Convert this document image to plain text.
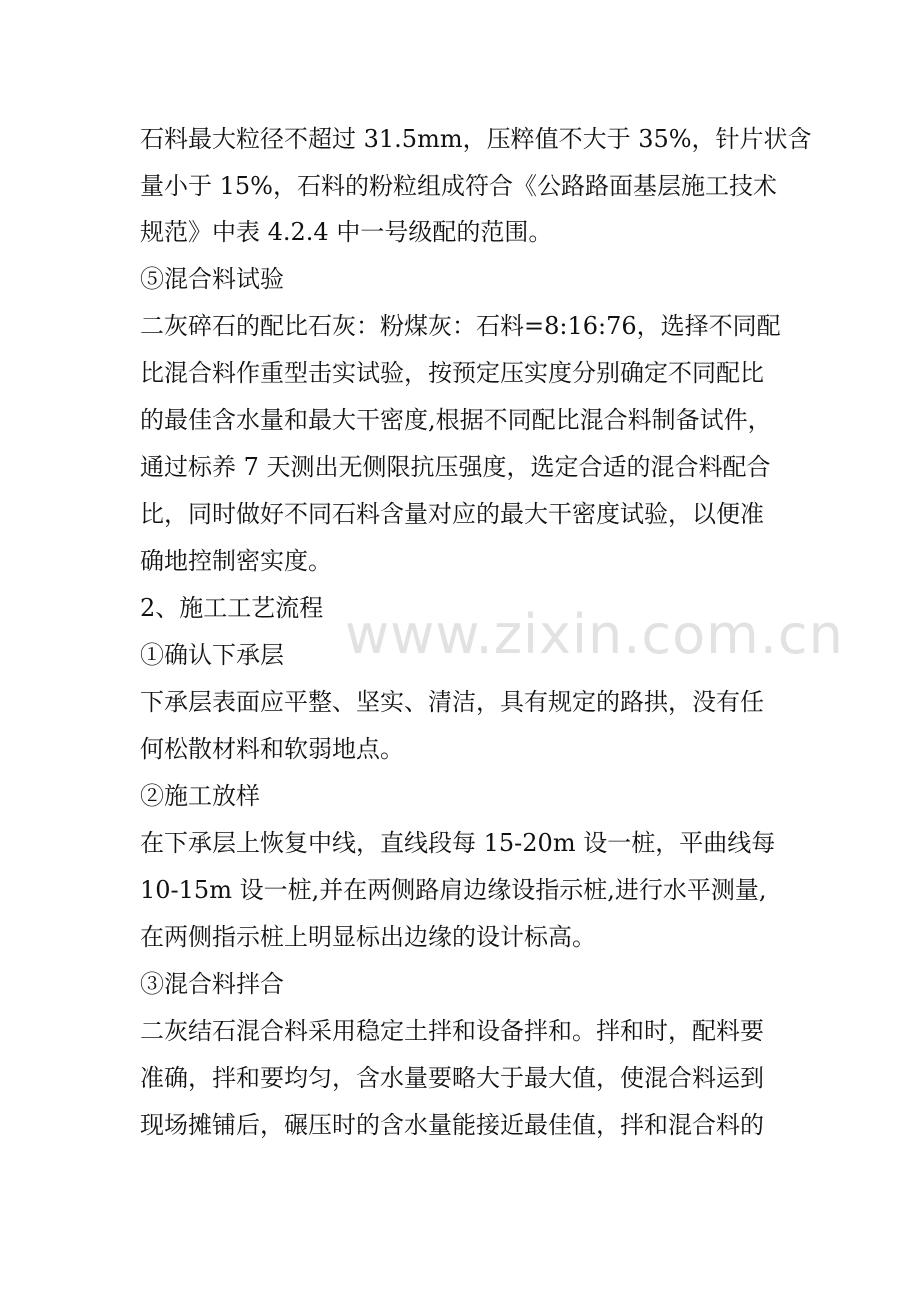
石料最大粒径不超过 31.5mm，压粹值不大于 35%，针片状含
量小于 15%，石料的粉粒组成符合《公路路面基层施工技术
规范》中表 4.2.4 中一号级配的范围。
⑤混合料试验
二灰碎石的配比石灰：粉煤灰：石料=8:16:76，选择不同配
比混合料作重型击实试验，按预定压实度分别确定不同配比
的最佳含水量和最大干密度,根据不同配比混合料制备试件，
通过标养 7 天测出无侧限抗压强度，选定合适的混合料配合
比，同时做好不同石料含量对应的最大干密度试验，以便准
确地控制密实度。
2、施工工艺流程
①确认下承层
下承层表面应平整、坚实、清洁，具有规定的路拱，没有任
何松散材料和软弱地点。
②施工放样
在下承层上恢复中线，直线段每 15-20m 设一桩，平曲线每
10-15m 设一桩,并在两侧路肩边缘设指示桩,进行水平测量,
在两侧指示桩上明显标出边缘的设计标高。
③混合料拌合
二灰结石混合料采用稳定土拌和设备拌和。拌和时，配料要
准确，拌和要均匀，含水量要略大于最大值，使混合料运到
现场摊铺后，碾压时的含水量能接近最佳值，拌和混合料的
www.zixin.com.cn
